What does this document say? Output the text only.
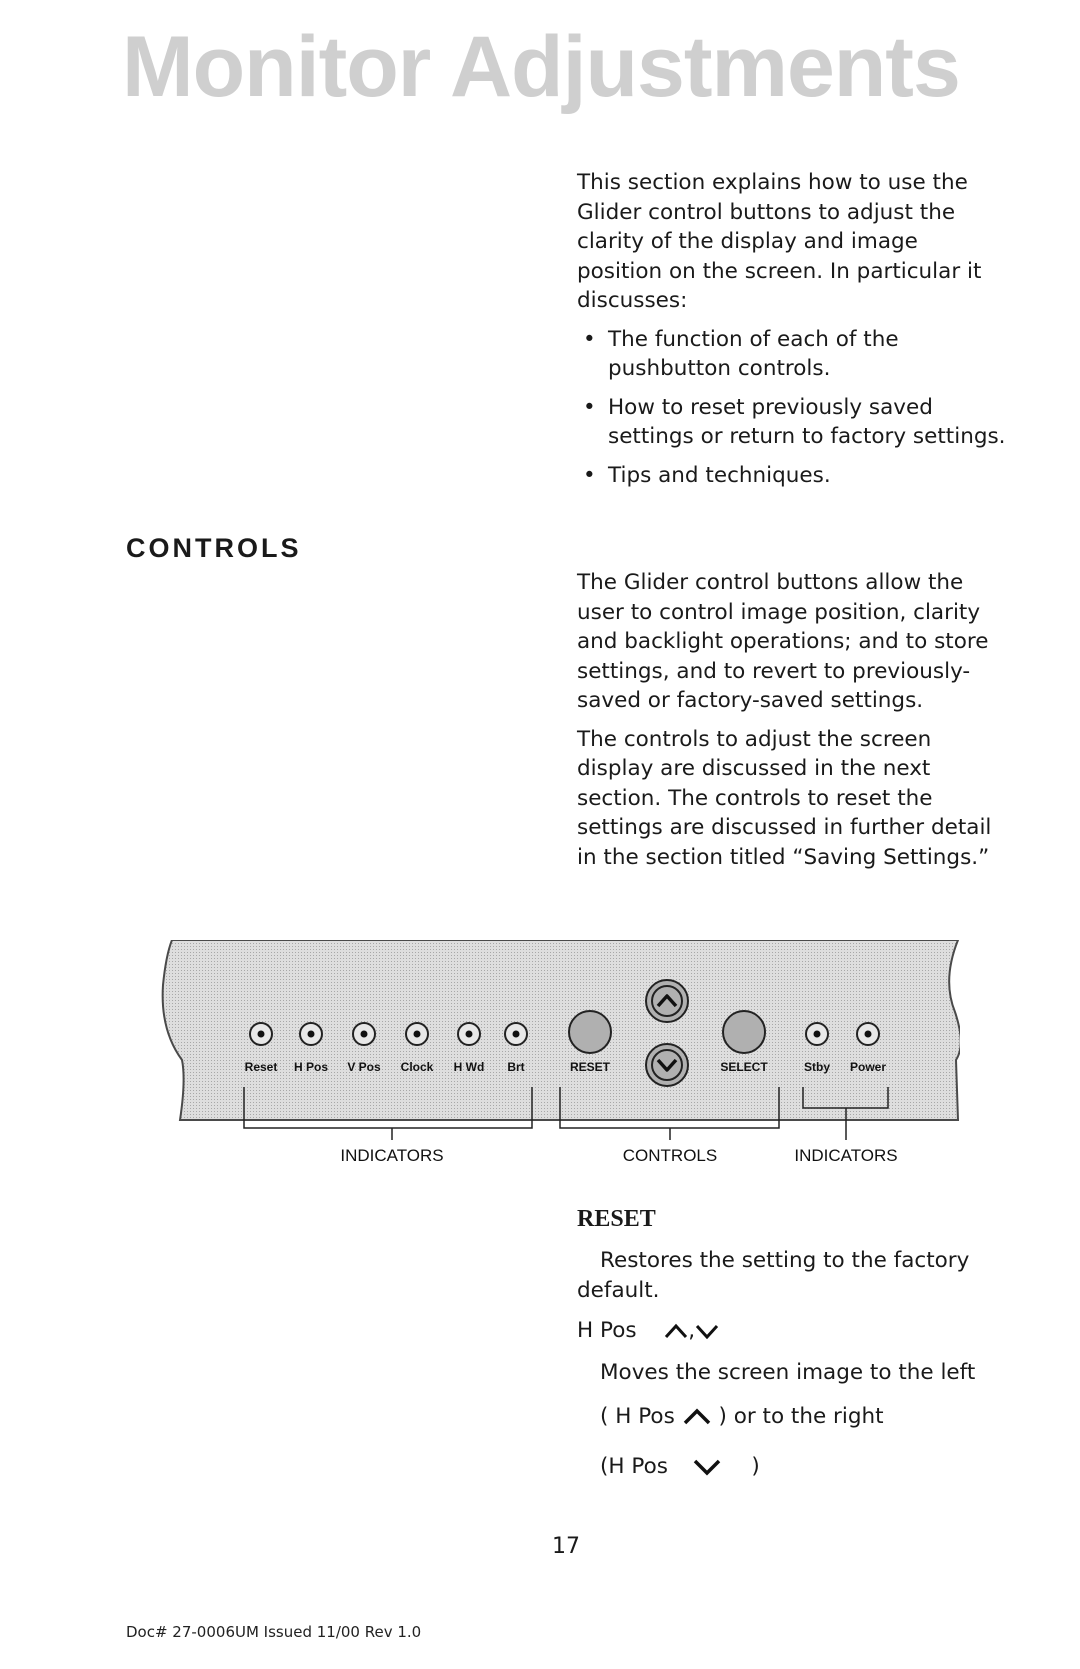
Monitor Adjustments

This section explains how to use the Glider control buttons to adjust the clarity of the display and image position on the screen. In particular it discusses:

• The function of each of the pushbutton controls.
• How to reset previously saved settings or return to factory settings.
• Tips and techniques.
CONTROLS

The Glider control buttons allow the user to control image position, clarity and backlight operations; and to store settings, and to revert to previously-saved or factory-saved settings.

The controls to adjust the screen display are discussed in the next section. The controls to reset the settings are discussed in further detail in the section titled “Saving Settings.”

Reset H Pos V Pos Clock H Wd Brt	RESET	SELECT	Stby Power
INDICATORS	CONTROLS	INDICATORS
RESET
Restores the setting to the factory default.
H Pos ,
Moves the screen image to the left
( H Pos ) or to the right
(H Pos	)
17
Doc# 27-0006UM Issued 11/00 Rev 1.0
